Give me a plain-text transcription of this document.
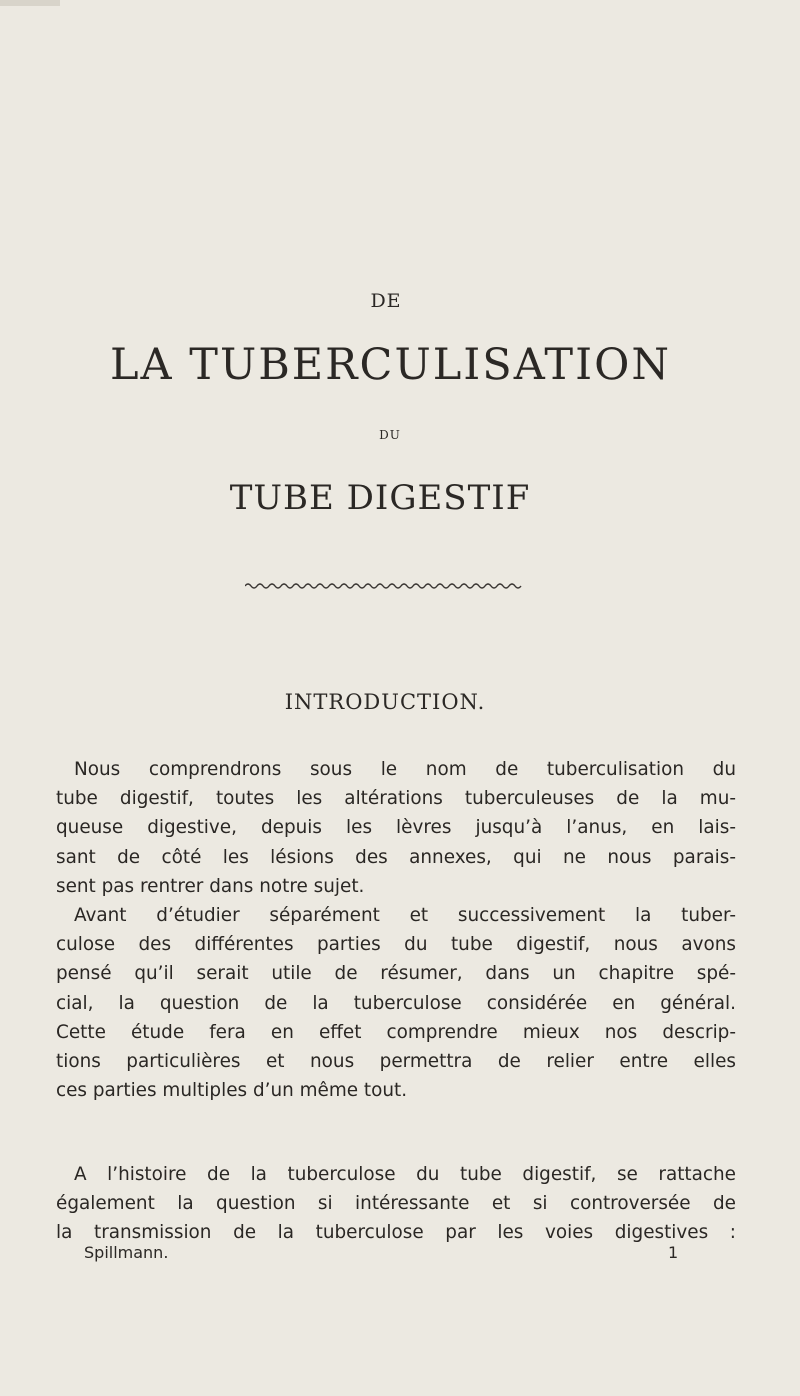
DE
LA TUBERCULISATION
DU
TUBE DIGESTIF
INTRODUCTION.

Nous comprendrons sous le nom de tuberculisation du

tube digestif, toutes les altérations tuberculeuses de la mu-

queuse digestive, depuis les lèvres jusqu’à l’anus, en lais-

sant de côté les lésions des annexes, qui ne nous parais-

sent pas rentrer dans notre sujet.

Avant d’étudier séparément et successivement la tuber-

culose des différentes parties du tube digestif, nous avons

pensé qu’il serait utile de résumer, dans un chapitre spé-

cial, la question de la tuberculose considérée en général.

Cette étude fera en effet comprendre mieux nos descrip-

tions particulières et nous permettra de relier entre elles

ces parties multiples d’un même tout.

A l’histoire de la tuberculose du tube digestif, se rattache

également la question si intéressante et si controversée de

la transmission de la tuberculose par les voies digestives :

Spillmann.	1
